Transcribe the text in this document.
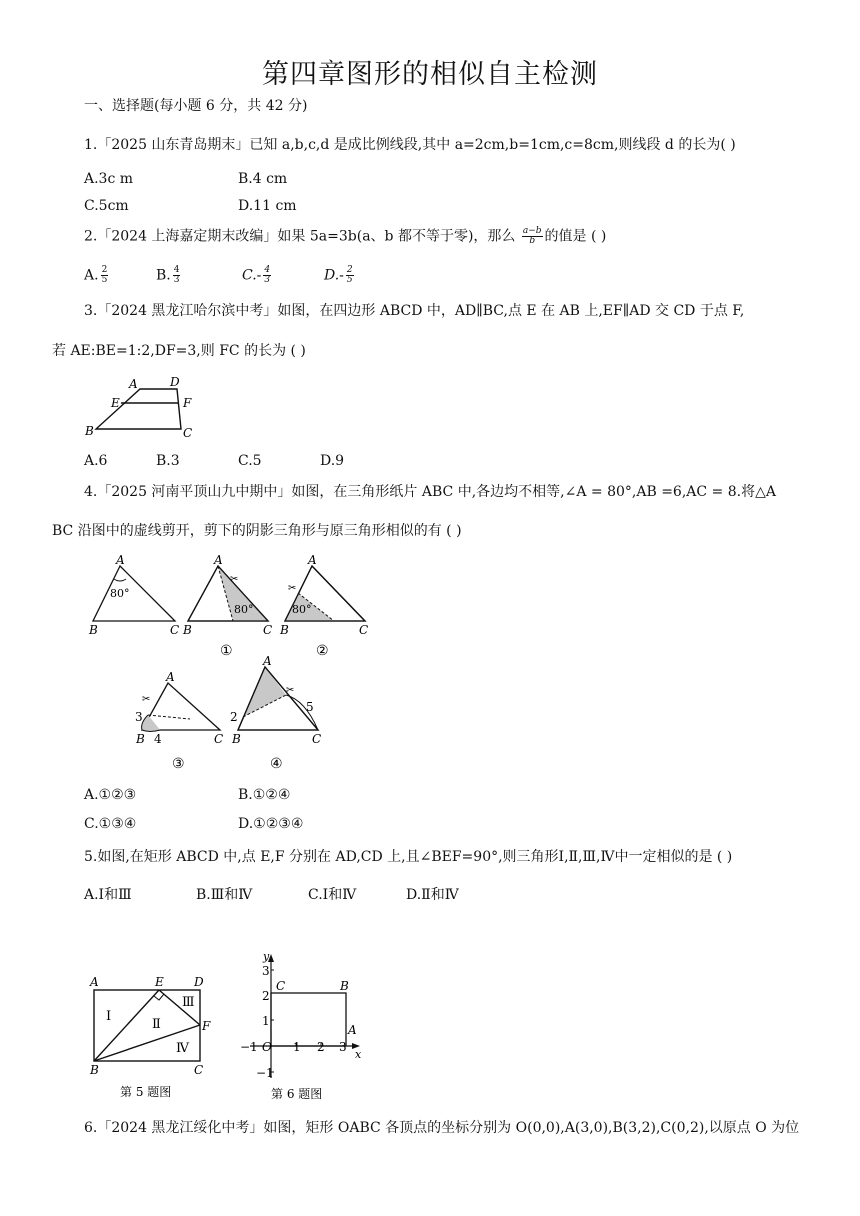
第四章图形的相似自主检测
一、选择题(每小题 6 分，共 42 分)
1.「2025 山东青岛期末」已知 a,b,c,d 是成比例线段,其中 a=2cm,b=1cm,c=8cm,则线段 d 的长为( )
A.3c m	B.4 cm
C.5cm	D.11 cm
2.「2024 上海嘉定期末改编」如果 5a=3b(a、b 都不等于零)，那么 $\frac{a-b}{b}$ 的值是 ( )
A. $\frac{2}{5}$	B. $\frac{4}{3}$	$C.- \frac{4}{3}$	$D.- \frac{2}{5}$
3.「2024 黑龙江哈尔滨中考」如图，在四边形 ABCD 中，AD∥BC,点 E 在 AB 上,EF∥AD 交 CD 于点 F,
若 AE:BE=1:2,DF=3,则 FC 的长为 ( )
A	D
E	F
B	C
A.6	B.3	C.5	D.9
4.「2025 河南平顶山九中期中」如图，在三角形纸片 ABC 中,各边均不相等,∠A = 80°,AB =6,AC = 8.将△A
BC 沿图中的虚线剪开，剪下的阴影三角形与原三角形相似的有 ( )
A
80°
B	C
✂
A
80°
B	C
①
✂
A
80°
B	C
②
✂
A
3
4
B	C
③
✂
A
2
5
B	C
④
A.①②③	B.①②④
C.①③④	D.①②③④
5.如图,在矩形 ABCD 中,点 E,F 分别在 AD,CD 上,且∠BEF=90°,则三角形Ⅰ,Ⅱ,Ⅲ,Ⅳ中一定相似的是 ( )
A.Ⅰ和Ⅲ	B.Ⅲ和Ⅳ	C.Ⅰ和Ⅳ	D.Ⅱ和Ⅳ
A	E	D
B	C
F
Ⅰ
Ⅱ
Ⅲ
Ⅳ
第 5 题图
y
x
3
2
1
−1
−1	1 2 3
O
C	B
A
第 6 题图
6.「2024 黑龙江绥化中考」如图，矩形 OABC 各顶点的坐标分别为 O(0,0),A(3,0),B(3,2),C(0,2),以原点 O 为位
